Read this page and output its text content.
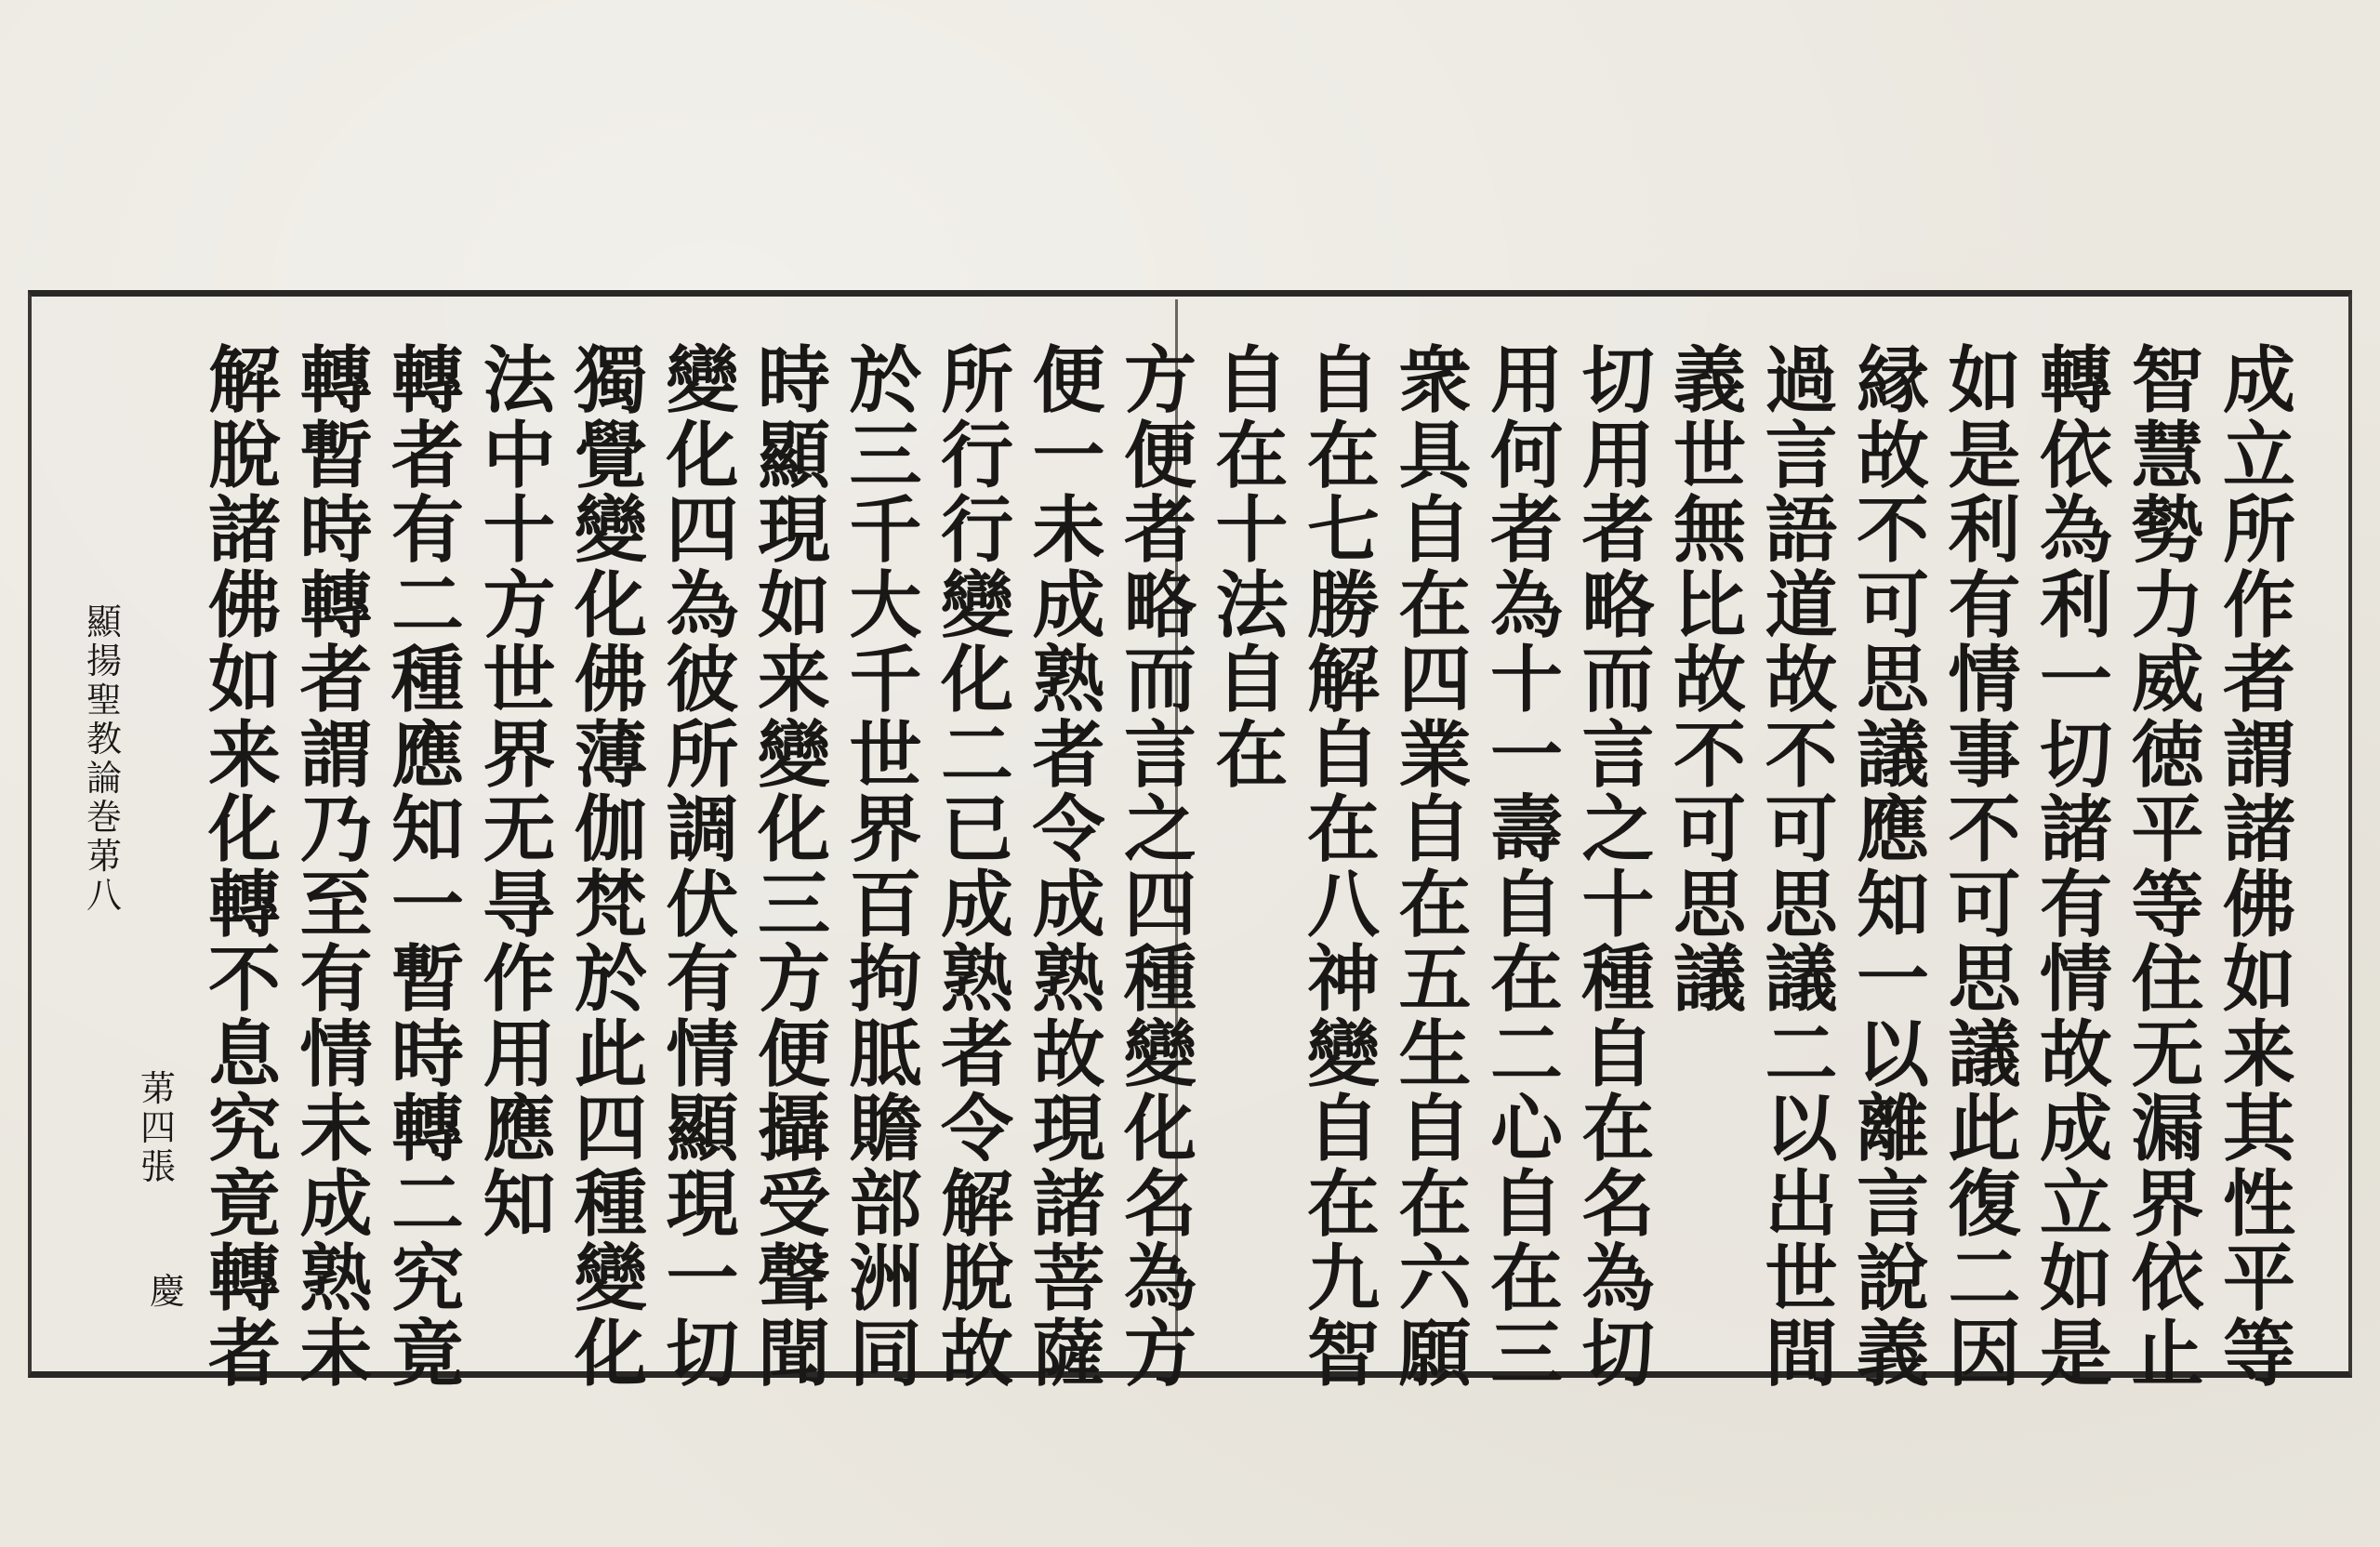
成
立
所
作
者
謂
諸
佛
如
来
其
性
平
等
智
慧
勢
力
威
徳
平
等
住
无
漏
界
依
止
轉
依
為
利
一
切
諸
有
情
故
成
立
如
是
如
是
利
有
情
事
不
可
思
議
此
復
二
因
縁
故
不
可
思
議
應
知
一
以
離
言
說
義
過
言
語
道
故
不
可
思
議
二
以
出
世
間
義
世
無
比
故
不
可
思
議
切
用
者
略
而
言
之
十
種
自
在
名
為
切
用
何
者
為
十
一
壽
自
在
二
心
自
在
三
衆
具
自
在
四
業
自
在
五
生
自
在
六
願
自
在
七
勝
解
自
在
八
神
變
自
在
九
智
自
在
十
法
自
在
方
便
者
略
而
言
之
四
種
變
化
名
為
方
便
一
未
成
熟
者
令
成
熟
故
現
諸
菩
薩
所
行
行
變
化
二
已
成
熟
者
令
解
脫
故
於
三
千
大
千
世
界
百
拘
胝
贍
部
洲
同
時
顯
現
如
来
變
化
三
方
便
攝
受
聲
聞
變
化
四
為
彼
所
調
伏
有
情
顯
現
一
切
獨
覺
變
化
佛
薄
伽
梵
於
此
四
種
變
化
法
中
十
方
世
界
无
㝵
作
用
應
知
轉
者
有
二
種
應
知
一
暫
時
轉
二
究
竟
轉
暫
時
轉
者
謂
乃
至
有
情
未
成
熟
未
解
脫
諸
佛
如
来
化
轉
不
息
究
竟
轉
者
顯
揚
聖
教
論
巻
苐
八
苐
四
張
慶
